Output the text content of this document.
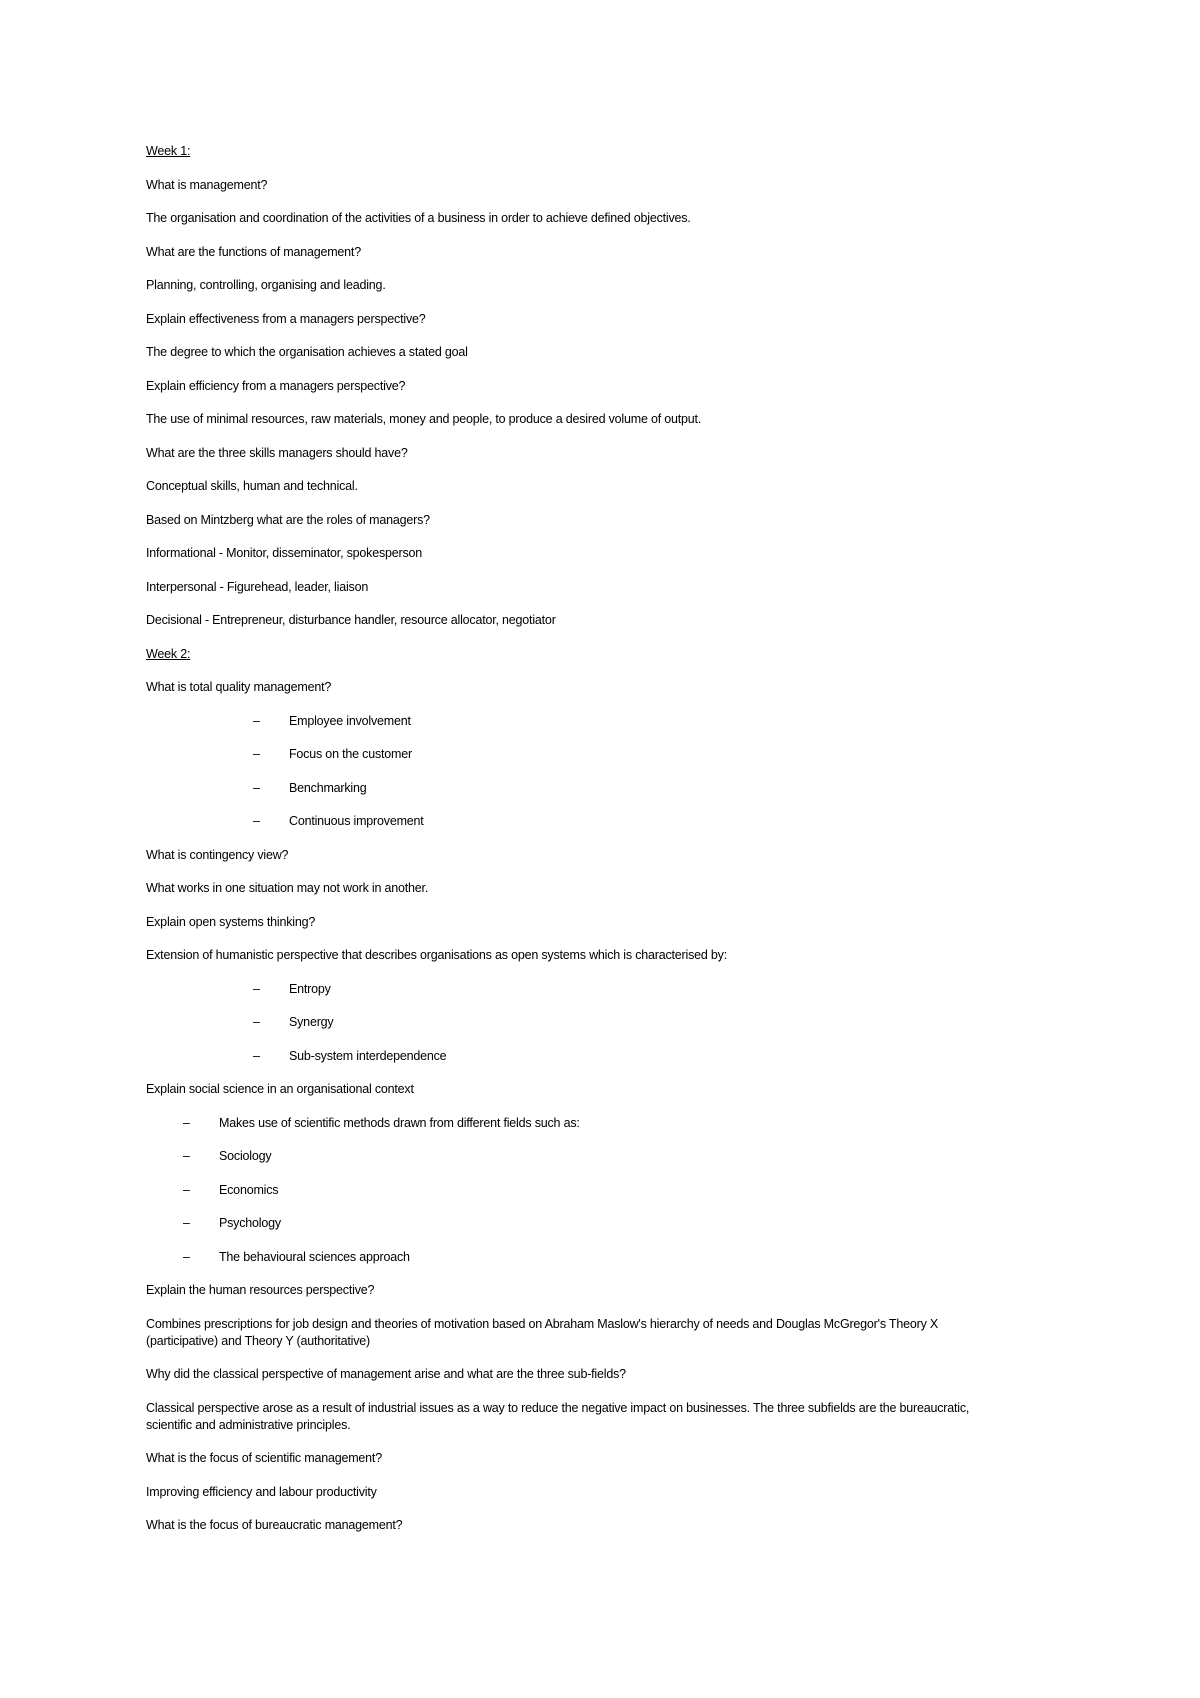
Week 1:
What is management?
The organisation and coordination of the activities of a business in order to achieve defined objectives.
What are the functions of management?
Planning, controlling, organising and leading.
Explain effectiveness from a managers perspective?
The degree to which the organisation achieves a stated goal
Explain efficiency from a managers perspective?
The use of minimal resources, raw materials, money and people, to produce a desired volume of output.
What are the three skills managers should have?
Conceptual skills, human and technical.
Based on Mintzberg what are the roles of managers?
Informational - Monitor, disseminator, spokesperson
Interpersonal - Figurehead, leader, liaison
Decisional - Entrepreneur, disturbance handler, resource allocator, negotiator
Week 2:
What is total quality management?
–	Employee involvement
–	Focus on the customer
–	Benchmarking
–	Continuous improvement
What is contingency view?
What works in one situation may not work in another.
Explain open systems thinking?
Extension of humanistic perspective that describes organisations as open systems which is characterised by:
–	Entropy
–	Synergy
–	Sub-system interdependence
Explain social science in an organisational context
–	Makes use of scientific methods drawn from different fields such as:
–	Sociology
–	Economics
–	Psychology
–	The behavioural sciences approach
Explain the human resources perspective?
Combines prescriptions for job design and theories of motivation based on Abraham Maslow's hierarchy of needs and Douglas McGregor's Theory X
(participative) and Theory Y (authoritative)
Why did the classical perspective of management arise and what are the three sub-fields?
Classical perspective arose as a result of industrial issues as a way to reduce the negative impact on businesses. The three subfields are the bureaucratic,
scientific and administrative principles.
What is the focus of scientific management?
Improving efficiency and labour productivity
What is the focus of bureaucratic management?
